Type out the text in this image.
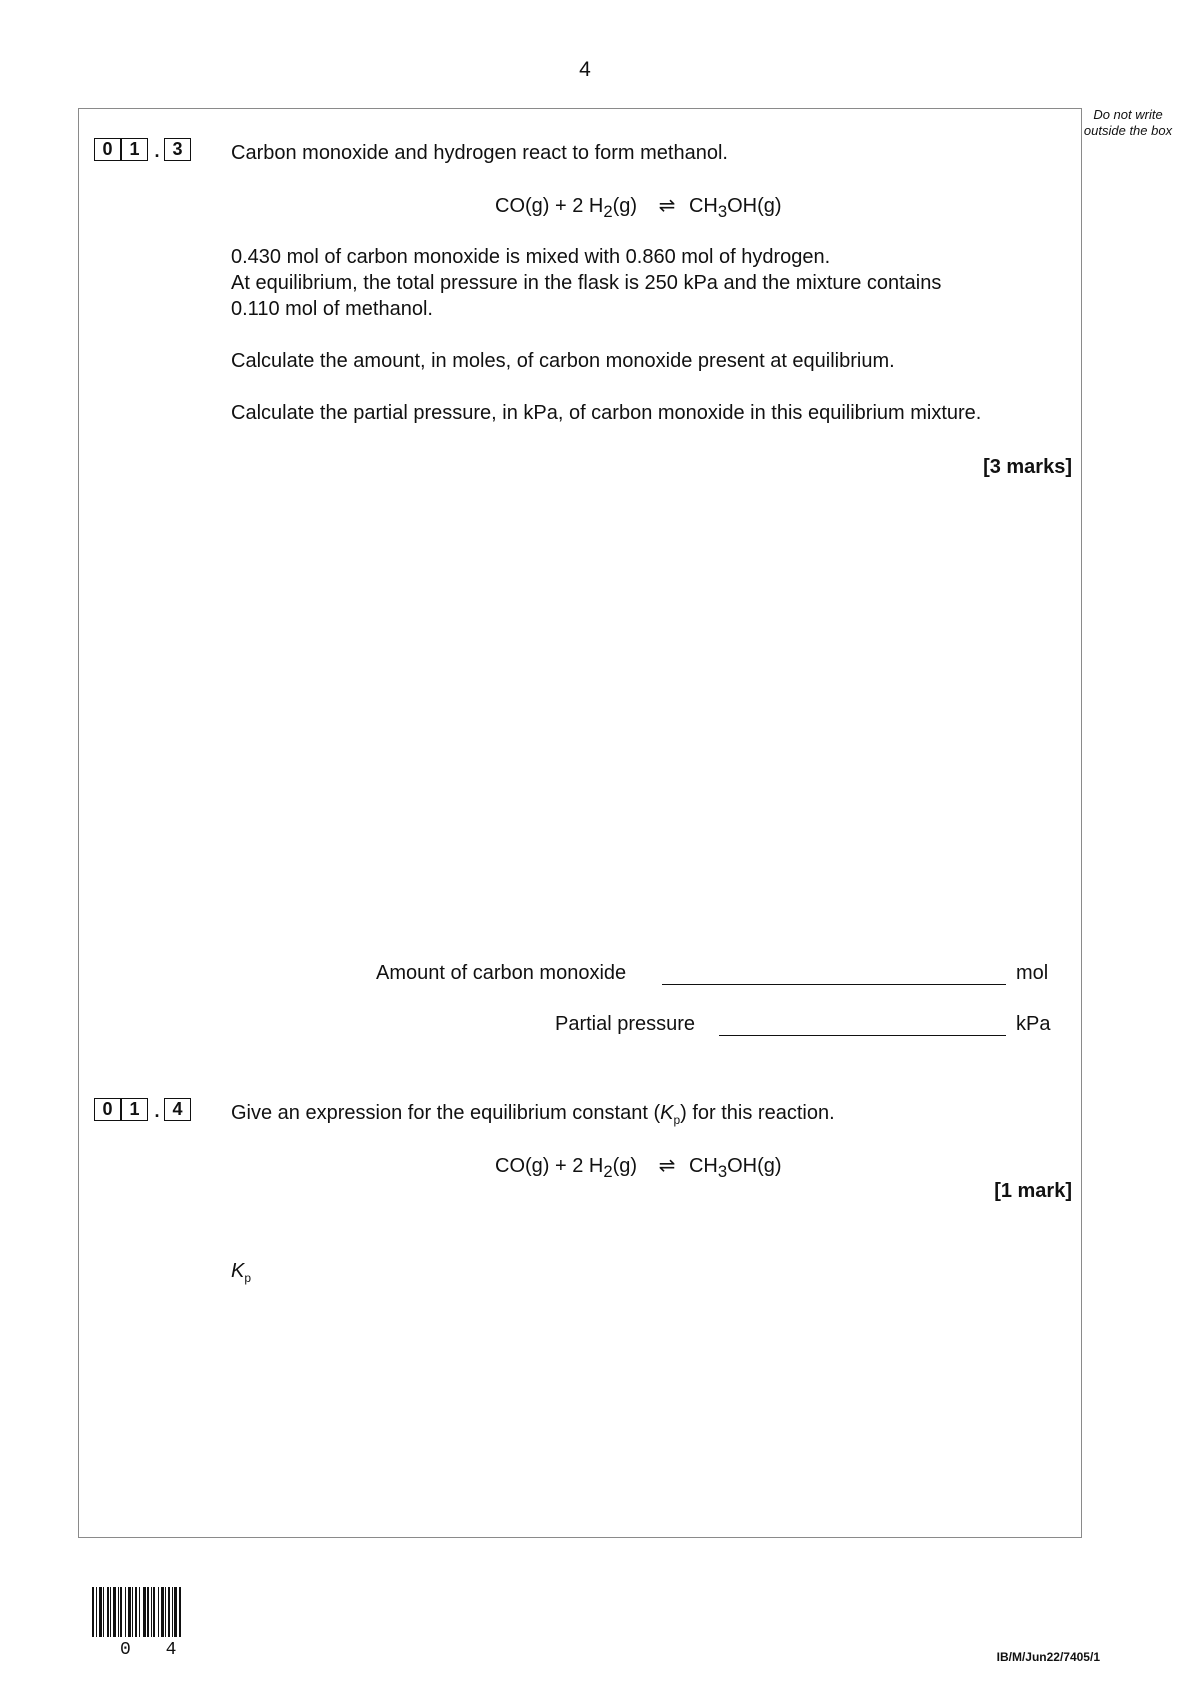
4
Do not write outside the box
0 1 . 3	Carbon monoxide and hydrogen react to form methanol.
CO(g) + 2 $H_2(g)$ ⇌ $CH_3OH(g)$
0.430 mol of carbon monoxide is mixed with 0.860 mol of hydrogen.
At equilibrium, the total pressure in the flask is 250 kPa and the mixture contains
0.110 mol of methanol.
Calculate the amount, in moles, of carbon monoxide present at equilibrium.
Calculate the partial pressure, in kPa, of carbon monoxide in this equilibrium mixture.
[3 marks]
Amount of carbon monoxide	mol
Partial pressure	kPa
0 1 . 4	Give an expression for the equilibrium constant $(K_p)$ for this reaction.
CO(g) + 2 $H_2(g)$ ⇌ $CH_3OH(g)$
[1 mark]
$K_p$
0 4	IB/M/Jun22/7405/1
